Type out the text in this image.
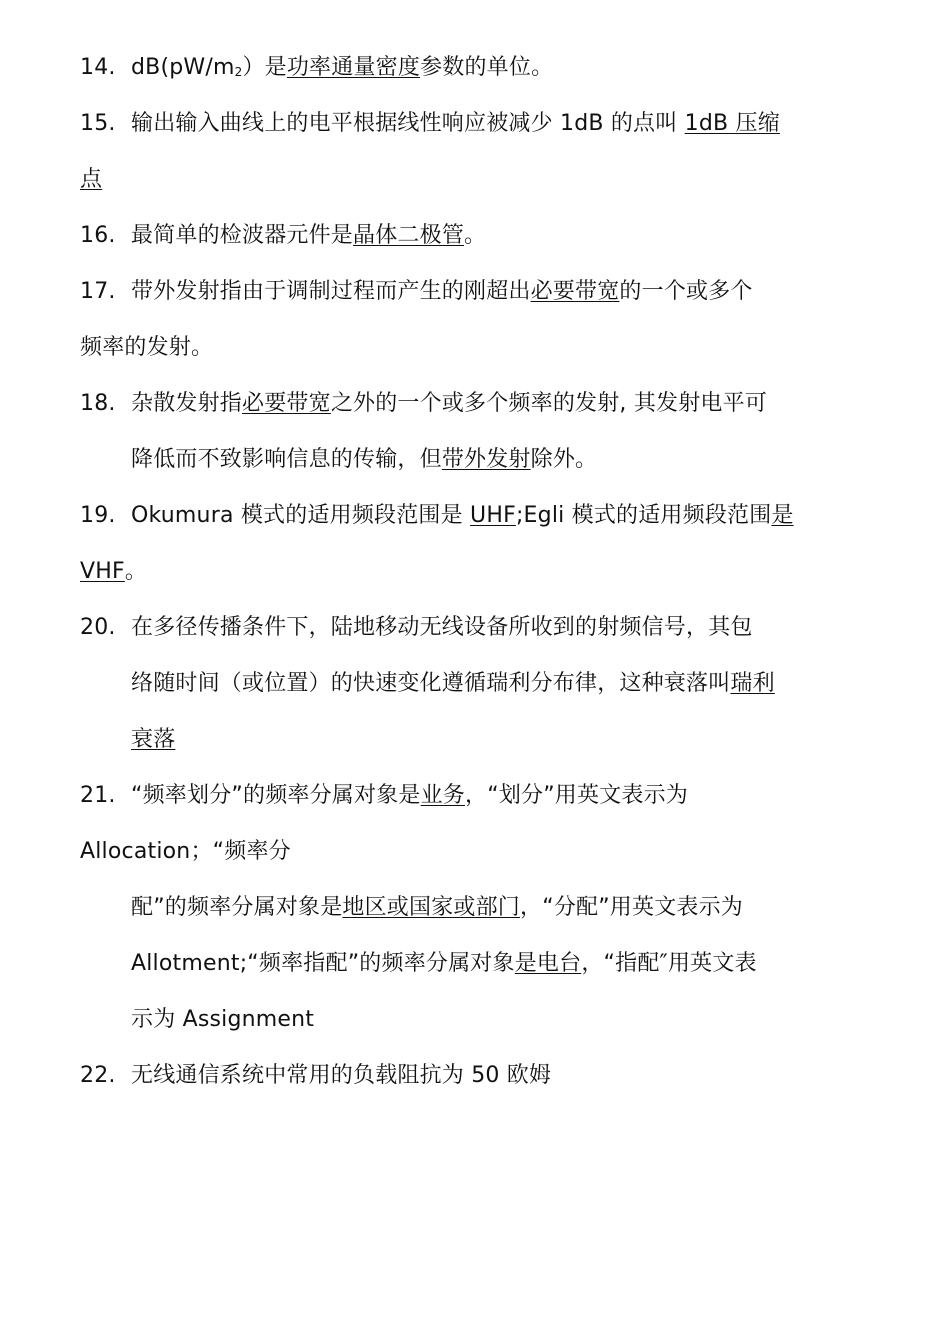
14. dB(pW/m2）是功率通量密度参数的单位。
15. 输出输入曲线上的电平根据线性响应被减少 1dB 的点叫 1dB 压缩
点
16. 最简单的检波器元件是晶体二极管。
17. 带外发射指由于调制过程而产生的刚超出必要带宽的一个或多个
频率的发射。
18. 杂散发射指必要带宽之外的一个或多个频率的发射, 其发射电平可
降低而不致影响信息的传输，但带外发射除外。
19. Okumura 模式的适用频段范围是 UHF;Egli 模式的适用频段范围是
VHF。
20. 在多径传播条件下，陆地移动无线设备所收到的射频信号，其包
络随时间（或位置）的快速变化遵循瑞利分布律，这种衰落叫瑞利
衰落
21. “频率划分”的频率分属对象是业务，“划分”用英文表示为
Allocation；“频率分
配”的频率分属对象是地区或国家或部门，“分配”用英文表示为
Allotment;“频率指配”的频率分属对象是电台，“指配″用英文表
示为 Assignment
22. 无线通信系统中常用的负载阻抗为 50 欧姆
